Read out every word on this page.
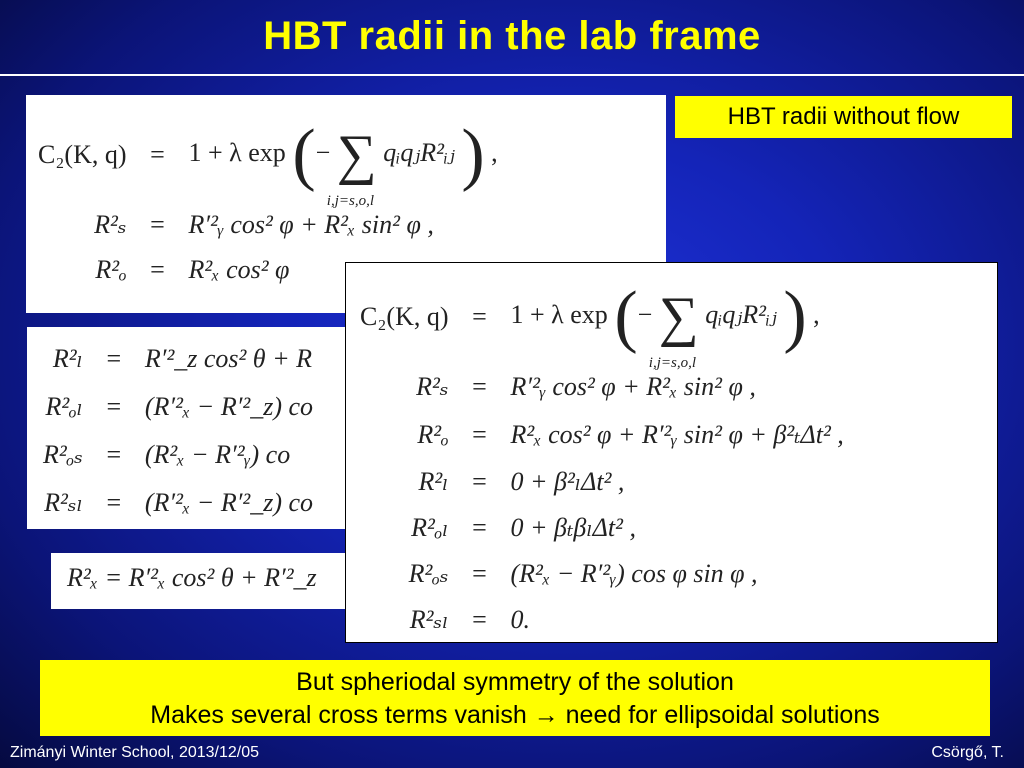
HBT radii in the lab frame
C₂(K, q)	=	1 + λ exp (− ∑
i,j=s,o,l
qᵢqⱼR²ᵢⱼ ) ,
R²ₛ	=	R′²ᵧ cos² φ + R²ₓ sin² φ ,
R²ₒ	=	R²ₓ cos² φ
R²ₗ	=	R′²_z cos² θ + R
R²ₒₗ	=	(R′²ₓ − R′²_z) co
R²ₒₛ	=	(R²ₓ − R′²ᵧ) co
R²ₛₗ	=	(R′²ₓ − R′²_z) co
R²ₓ = R′²ₓ cos² θ + R′²_z
HBT radii without flow
C₂(K, q)	=	1 + λ exp (− ∑
i,j=s,o,l
qᵢqⱼR²ᵢⱼ ) ,
R²ₛ	=	R′²ᵧ cos² φ + R²ₓ sin² φ ,
R²ₒ	=	R²ₓ cos² φ + R′²ᵧ sin² φ + β²ₜΔt² ,
R²ₗ	=	0 + β²ₗΔt² ,
R²ₒₗ	=	0 + βₜβₗΔt² ,
R²ₒₛ	=	(R²ₓ − R′²ᵧ) cos φ sin φ ,
R²ₛₗ	=	0.
But spheriodal symmetry of the solution
Makes several cross terms vanish → need for ellipsoidal solutions
Zimányi Winter School, 2013/12/05	Csörgő, T.
